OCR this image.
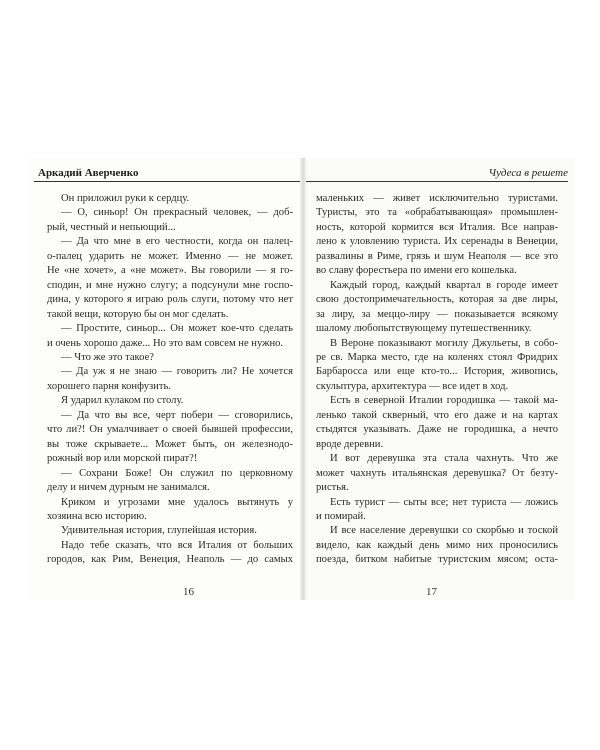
Аркадий Аверченко
Он приложил руки к сердцу.
— О, синьор! Он прекрасный человек, — доб-
рый, честный и непьющий...
— Да что мне в его честности, когда он палец-
о-палец ударить не может. Именно — не может.
Не «не хочет», а «не может». Вы говорили — я го-
сподин, и мне нужно слугу; а подсунули мне госпо-
дина, у которого я играю роль слуги, потому что нет
такой вещи, которую бы он мог сделать.
— Простите, синьор... Он может кое-что сделать
и очень хорошо даже... Но это вам совсем не нужно.
— Что же это такое?
— Да уж я не знаю — говорить ли? Не хочется
хорошего парня конфузить.
Я ударил кулаком по столу.
— Да что вы все, черт побери — сговорились,
что ли?! Он умалчивает о своей бывшей профессии,
вы тоже скрываете... Может быть, он железнодо-
рожный вор или морской пират?!
— Сохрани Боже! Он служил по церковному
делу и ничем дурным не занимался.
Криком и угрозами мне удалось вытянуть у
хозяина всю историю.
Удивительная история, глупейшая история.
Надо тебе сказать, что вся Италия от больших
городов, как Рим, Венеция, Неаполь — до самых
16
Чудеса в решете
маленьких — живет исключительно туристами.
Туристы, это та «обрабатывающая» промышлен-
ность, которой кормится вся Италия. Все направ-
лено к уловлению туриста. Их серенады в Венеции,
развалины в Риме, грязь и шум Неаполя — все это
во славу форестьера по имени его кошелька.
Каждый город, каждый квартал в городе имеет
свою достопримечательность, которая за две лиры,
за лиру, за меццо-лиру — показывается всякому
шалому любопытствующему путешественнику.
В Вероне показывают могилу Джульеты, в собо-
ре св. Марка место, где на коленях стоял Фридрих
Барбаросса или еще кто-то... История, живопись,
скульптура, архитектура — все идет в ход.
Есть в северной Италии городишка — такой ма-
ленько такой скверный, что его даже и на картах
стыдятся указывать. Даже не городишка, а нечто
вроде деревни.
И вот деревушка эта стала чахнуть. Что же
может чахнуть итальянская деревушка? От безту-
ристья.
Есть турист — сыты все; нет туриста — ложись
и помирай.
И все население деревушки со скорбью и тоской
видело, как каждый день мимо них проносились
поезда, битком набитые туристским мясом; оста-
17
